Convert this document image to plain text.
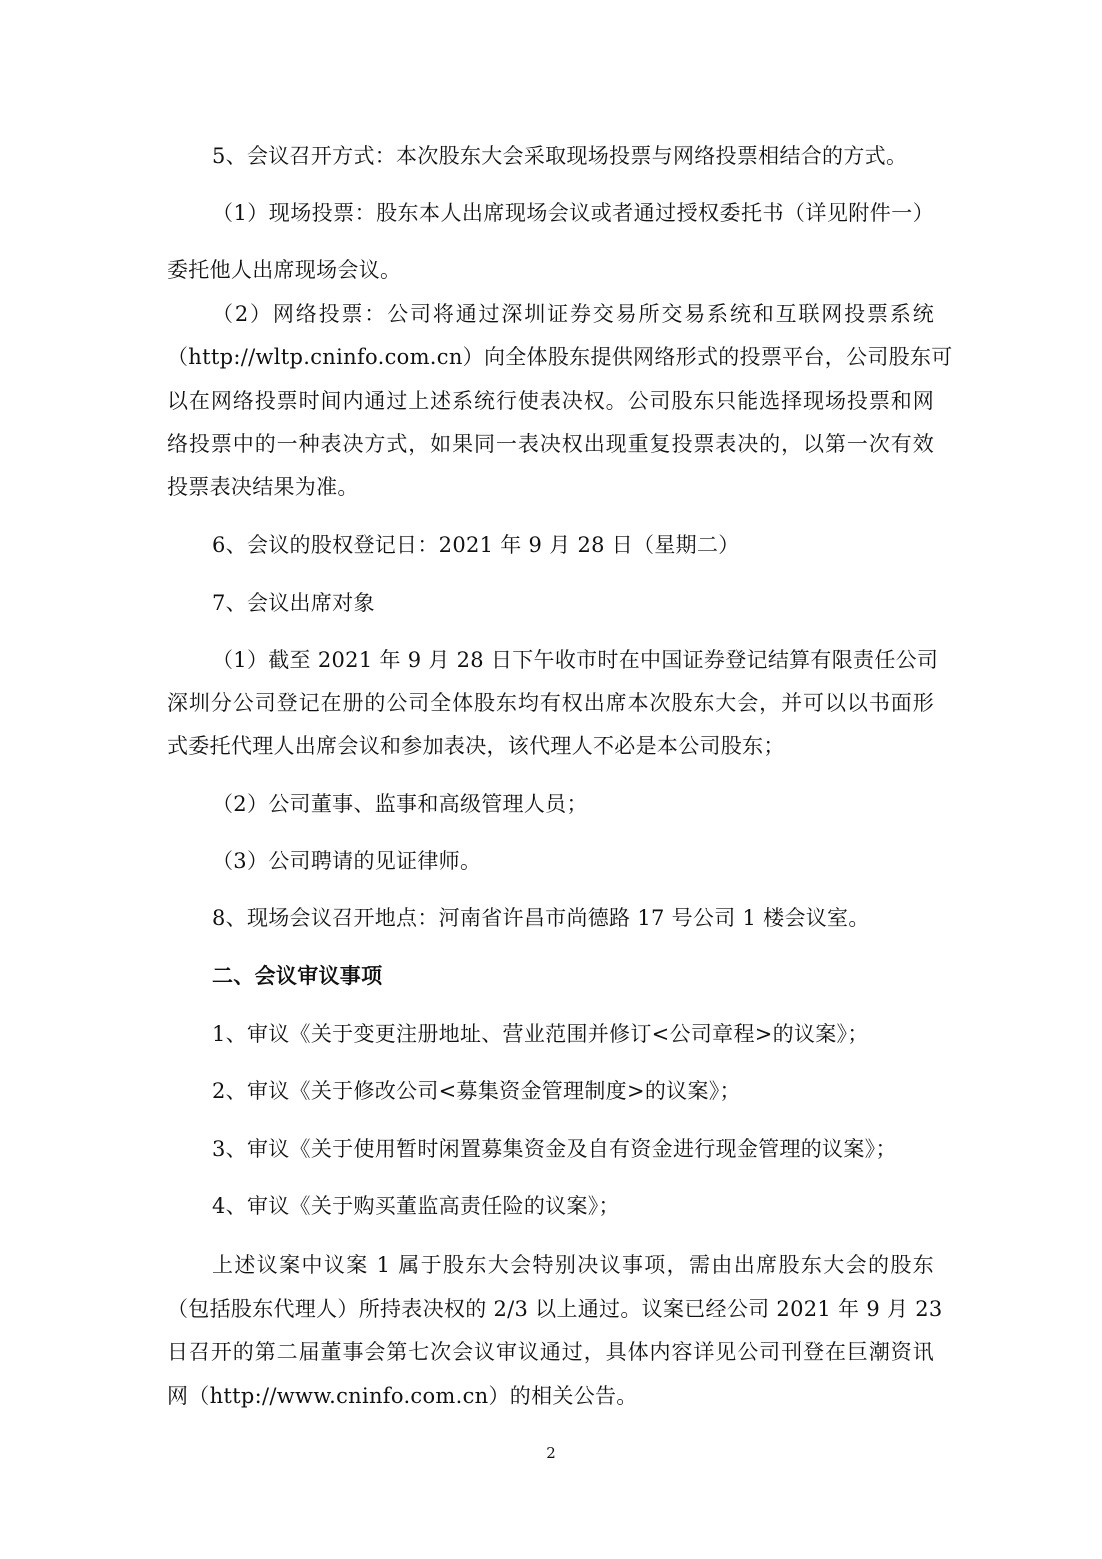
5、会议召开方式：本次股东大会采取现场投票与网络投票相结合的方式。
（1）现场投票：股东本人出席现场会议或者通过授权委托书（详见附件一）
委托他人出席现场会议。
（2）网络投票：公司将通过深圳证券交易所交易系统和互联网投票系统
（http://wltp.cninfo.com.cn）向全体股东提供网络形式的投票平台，公司股东可
以在网络投票时间内通过上述系统行使表决权。公司股东只能选择现场投票和网
络投票中的一种表决方式，如果同一表决权出现重复投票表决的，以第一次有效
投票表决结果为准。
6、会议的股权登记日：2021 年 9 月 28 日（星期二）
7、会议出席对象
（1）截至 2021 年 9 月 28 日下午收市时在中国证券登记结算有限责任公司
深圳分公司登记在册的公司全体股东均有权出席本次股东大会，并可以以书面形
式委托代理人出席会议和参加表决，该代理人不必是本公司股东；
（2）公司董事、监事和高级管理人员；
（3）公司聘请的见证律师。
8、现场会议召开地点：河南省许昌市尚德路 17 号公司 1 楼会议室。
二、会议审议事项
1、审议《关于变更注册地址、营业范围并修订<公司章程>的议案》；
2、审议《关于修改公司<募集资金管理制度>的议案》；
3、审议《关于使用暂时闲置募集资金及自有资金进行现金管理的议案》；
4、审议《关于购买董监高责任险的议案》；
上述议案中议案 1 属于股东大会特别决议事项，需由出席股东大会的股东
（包括股东代理人）所持表决权的 2/3 以上通过。议案已经公司 2021 年 9 月 23
日召开的第二届董事会第七次会议审议通过，具体内容详见公司刊登在巨潮资讯
网（http://www.cninfo.com.cn）的相关公告。
2
